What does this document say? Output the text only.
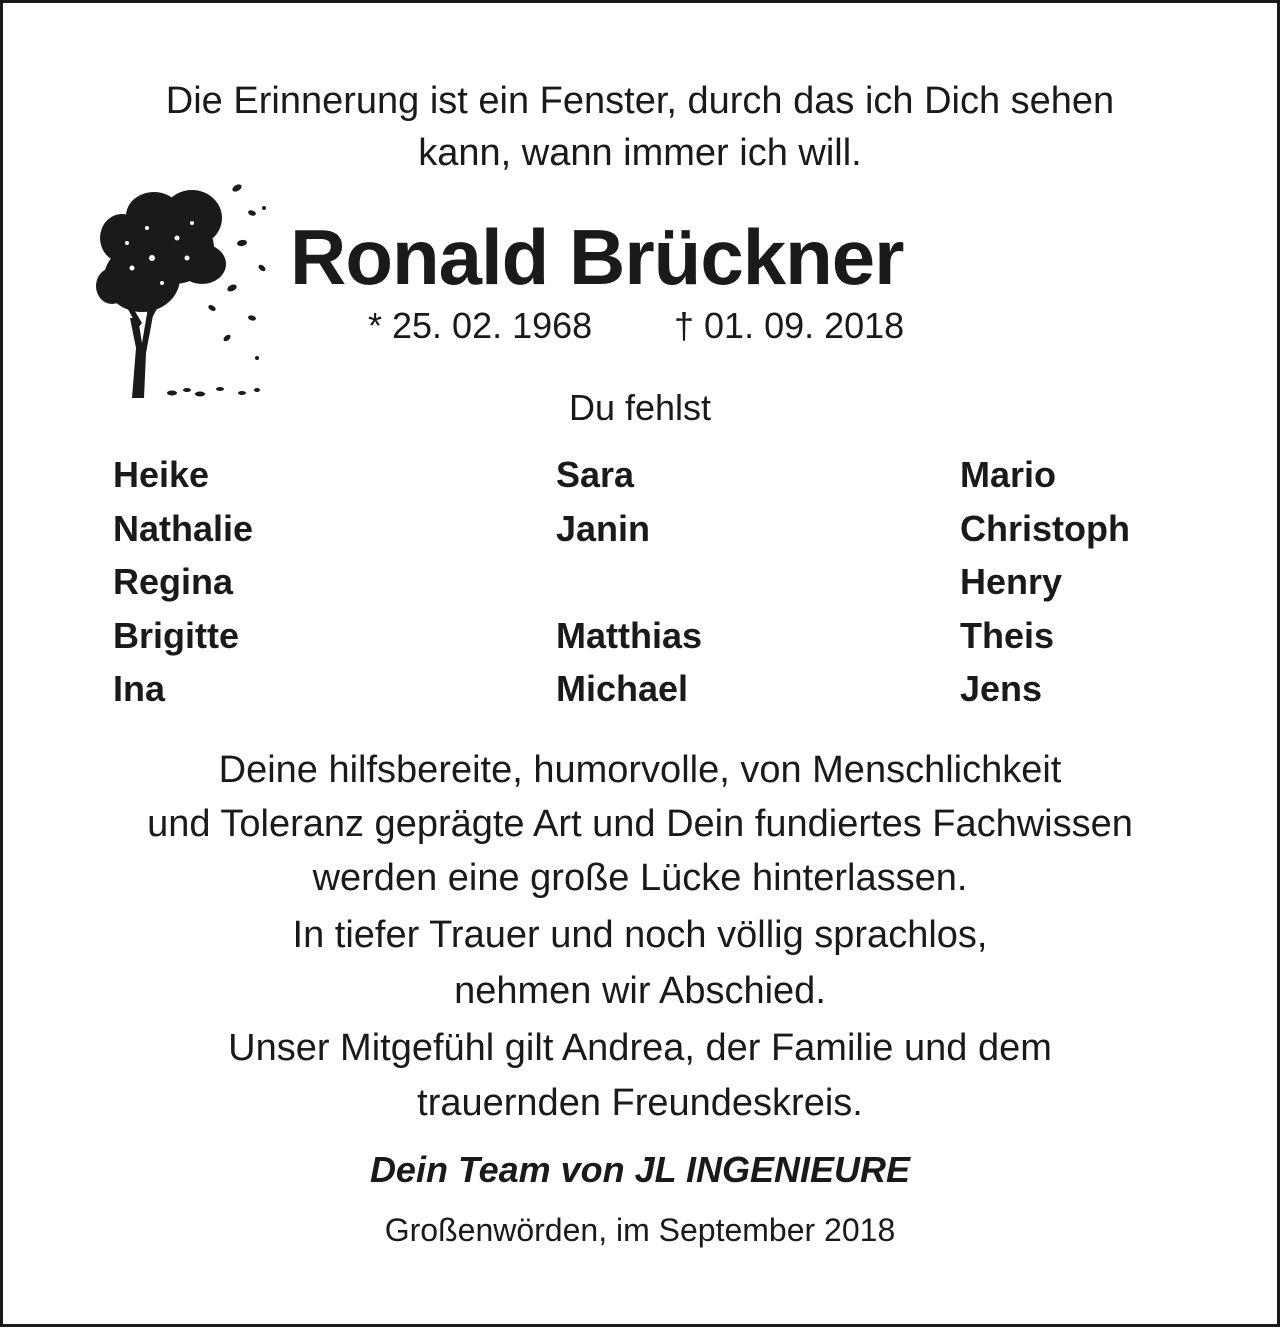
Die Erinnerung ist ein Fenster, durch das ich Dich sehen
kann, wann immer ich will.
Ronald Brückner
* 25. 02. 1968 † 01. 09. 2018
Du fehlst
Heike
Nathalie
Regina
Brigitte
Ina
Sara
Janin
Matthias
Michael
Mario
Christoph
Henry
Theis
Jens
Deine hilfsbereite, humorvolle, von Menschlichkeit
und Toleranz geprägte Art und Dein fundiertes Fachwissen
werden eine große Lücke hinterlassen.
In tiefer Trauer und noch völlig sprachlos,
nehmen wir Abschied.
Unser Mitgefühl gilt Andrea, der Familie und dem
trauernden Freundeskreis.
Dein Team von JL INGENIEURE
Großenwörden, im September 2018
